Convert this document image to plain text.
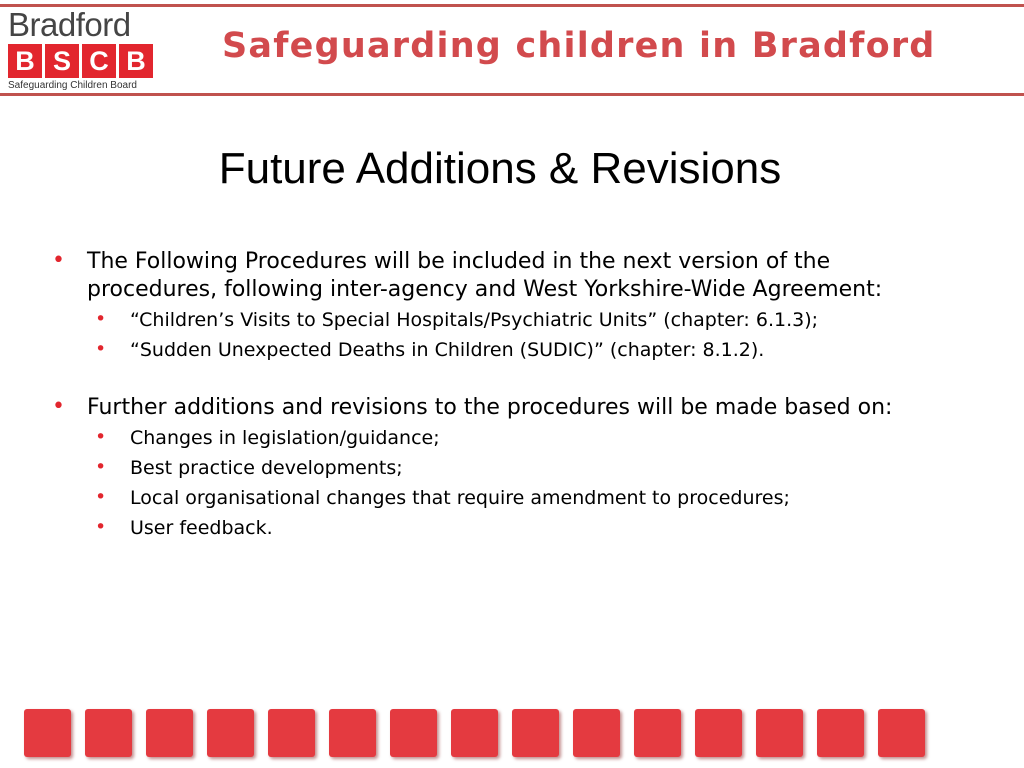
Bradford
B S C B
Safeguarding Children Board
Safeguarding children in Bradford
Future Additions & Revisions
• The Following Procedures will be included in the next version of the procedures, following inter-agency and West Yorkshire-Wide Agreement:
• “Children’s Visits to Special Hospitals/Psychiatric Units” (chapter: 6.1.3);
• “Sudden Unexpected Deaths in Children (SUDIC)” (chapter: 8.1.2).
• Further additions and revisions to the procedures will be made based on:
• Changes in legislation/guidance;
• Best practice developments;
• Local organisational changes that require amendment to procedures;
• User feedback.
